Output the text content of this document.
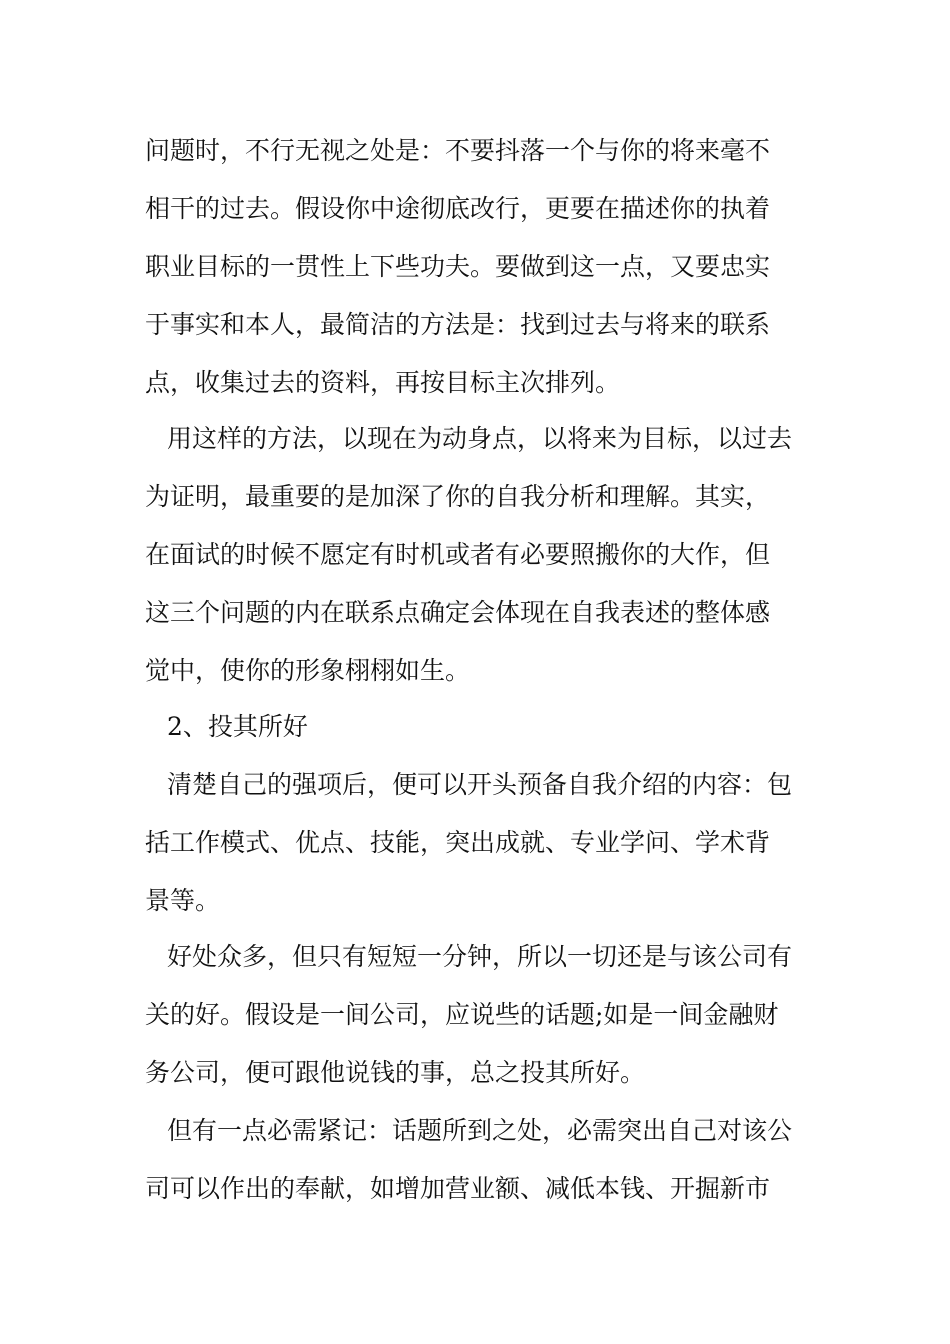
问题时，不行无视之处是：不要抖落一个与你的将来毫不
相干的过去。假设你中途彻底改行，更要在描述你的执着
职业目标的一贯性上下些功夫。要做到这一点，又要忠实
于事实和本人，最简洁的方法是：找到过去与将来的联系
点，收集过去的资料，再按目标主次排列。
用这样的方法，以现在为动身点，以将来为目标，以过去
为证明，最重要的是加深了你的自我分析和理解。其实，
在面试的时候不愿定有时机或者有必要照搬你的大作，但
这三个问题的内在联系点确定会体现在自我表述的整体感
觉中，使你的形象栩栩如生。
2、投其所好
清楚自己的强项后，便可以开头预备自我介绍的内容：包
括工作模式、优点、技能，突出成就、专业学问、学术背
景等。
好处众多，但只有短短一分钟，所以一切还是与该公司有
关的好。假设是一间公司，应说些的话题;如是一间金融财
务公司，便可跟他说钱的事，总之投其所好。
但有一点必需紧记：话题所到之处，必需突出自己对该公
司可以作出的奉献，如增加营业额、减低本钱、开掘新市
